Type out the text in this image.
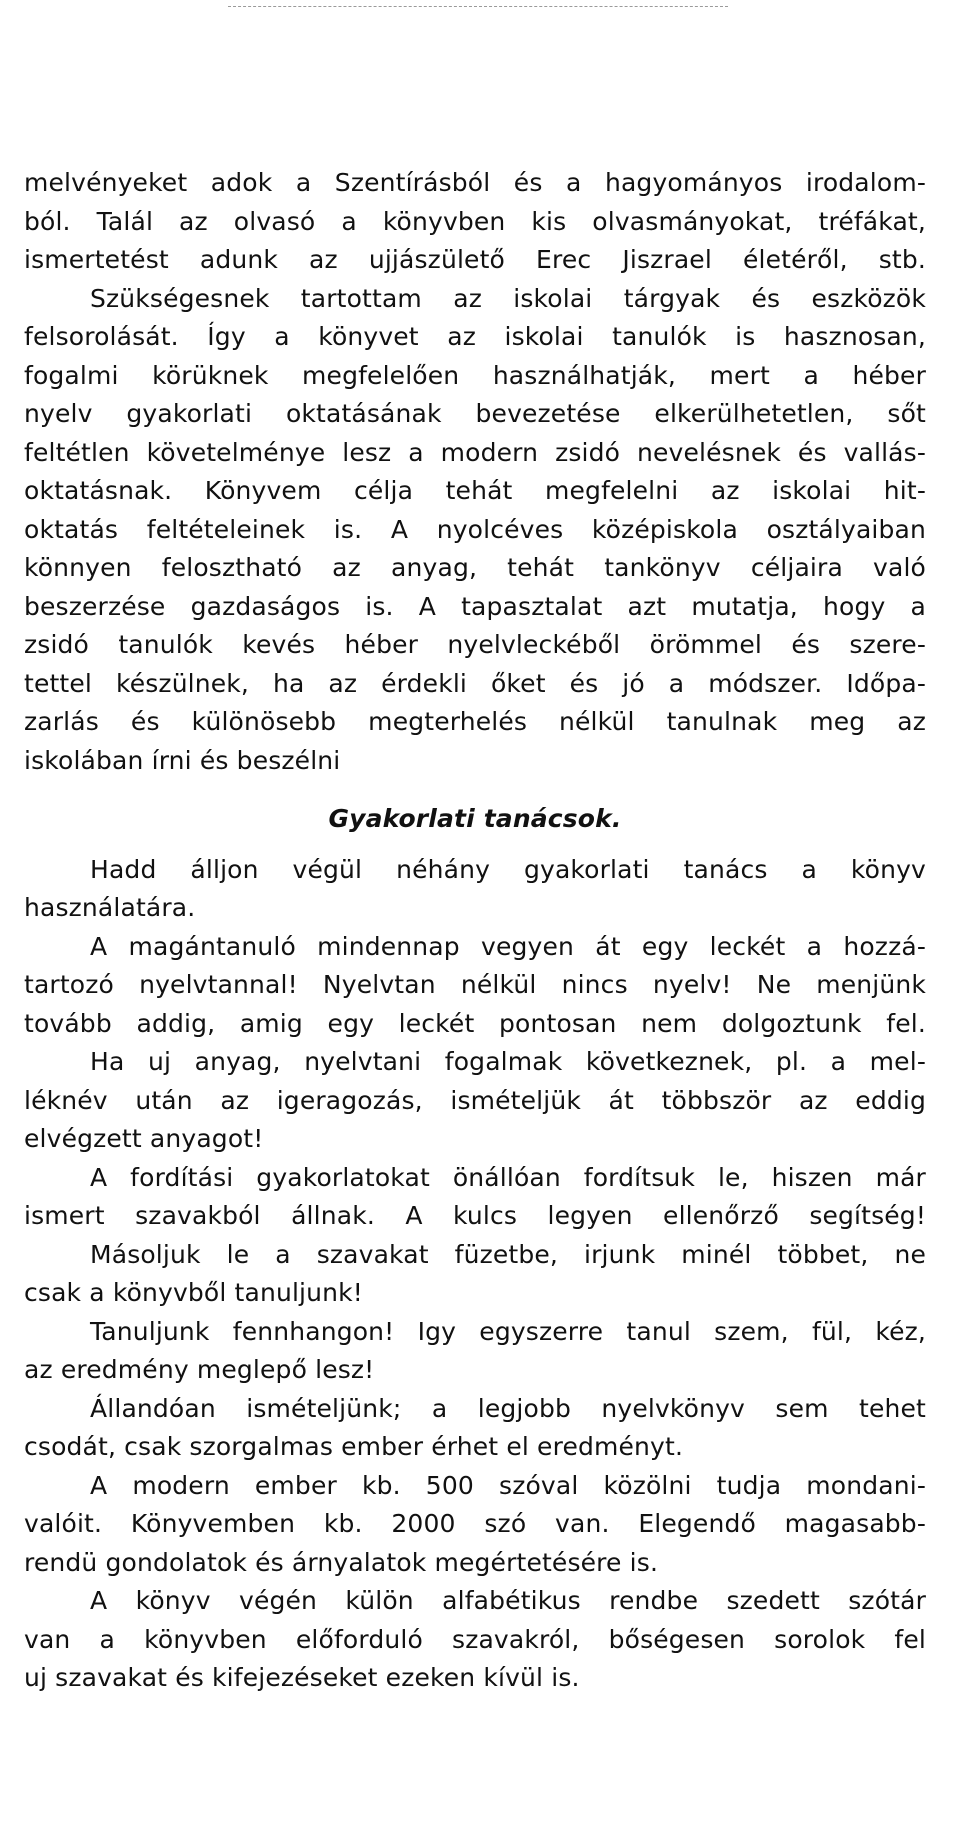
melvényeket adok a Szentírásból és a hagyományos irodalom-
ból. Talál az olvasó a könyvben kis olvasmányokat, tréfákat,
ismertetést adunk az ujjászülető Erec Jiszrael életéről, stb.
Szükségesnek tartottam az iskolai tárgyak és eszközök
felsorolását. Így a könyvet az iskolai tanulók is hasznosan,
fogalmi körüknek megfelelően használhatják, mert a héber
nyelv gyakorlati oktatásának bevezetése elkerülhetetlen, sőt
feltétlen követelménye lesz a modern zsidó nevelésnek és vallás-
oktatásnak. Könyvem célja tehát megfelelni az iskolai hit-
oktatás feltételeinek is. A nyolcéves középiskola osztályaiban
könnyen felosztható az anyag, tehát tankönyv céljaira való
beszerzése gazdaságos is. A tapasztalat azt mutatja, hogy a
zsidó tanulók kevés héber nyelvleckéből örömmel és szere-
tettel készülnek, ha az érdekli őket és jó a módszer. Időpa-
zarlás és különösebb megterhelés nélkül tanulnak meg az
iskolában írni és beszélni
Gyakorlati tanácsok.
Hadd álljon végül néhány gyakorlati tanács a könyv
használatára.
A magántanuló mindennap vegyen át egy leckét a hozzá-
tartozó nyelvtannal! Nyelvtan nélkül nincs nyelv! Ne menjünk
tovább addig, amig egy leckét pontosan nem dolgoztunk fel.
Ha uj anyag, nyelvtani fogalmak következnek, pl. a mel-
léknév után az igeragozás, ismételjük át többször az eddig
elvégzett anyagot!
A fordítási gyakorlatokat önállóan fordítsuk le, hiszen már
ismert szavakból állnak. A kulcs legyen ellenőrző segítség!
Másoljuk le a szavakat füzetbe, irjunk minél többet, ne
csak a könyvből tanuljunk!
Tanuljunk fennhangon! Igy egyszerre tanul szem, fül, kéz,
az eredmény meglepő lesz!
Állandóan ismételjünk; a legjobb nyelvkönyv sem tehet
csodát, csak szorgalmas ember érhet el eredményt.
A modern ember kb. 500 szóval közölni tudja mondani-
valóit. Könyvemben kb. 2000 szó van. Elegendő magasabb-
rendü gondolatok és árnyalatok megértetésére is.
A könyv végén külön alfabétikus rendbe szedett szótár
van a könyvben előforduló szavakról, bőségesen sorolok fel
uj szavakat és kifejezéseket ezeken kívül is.
